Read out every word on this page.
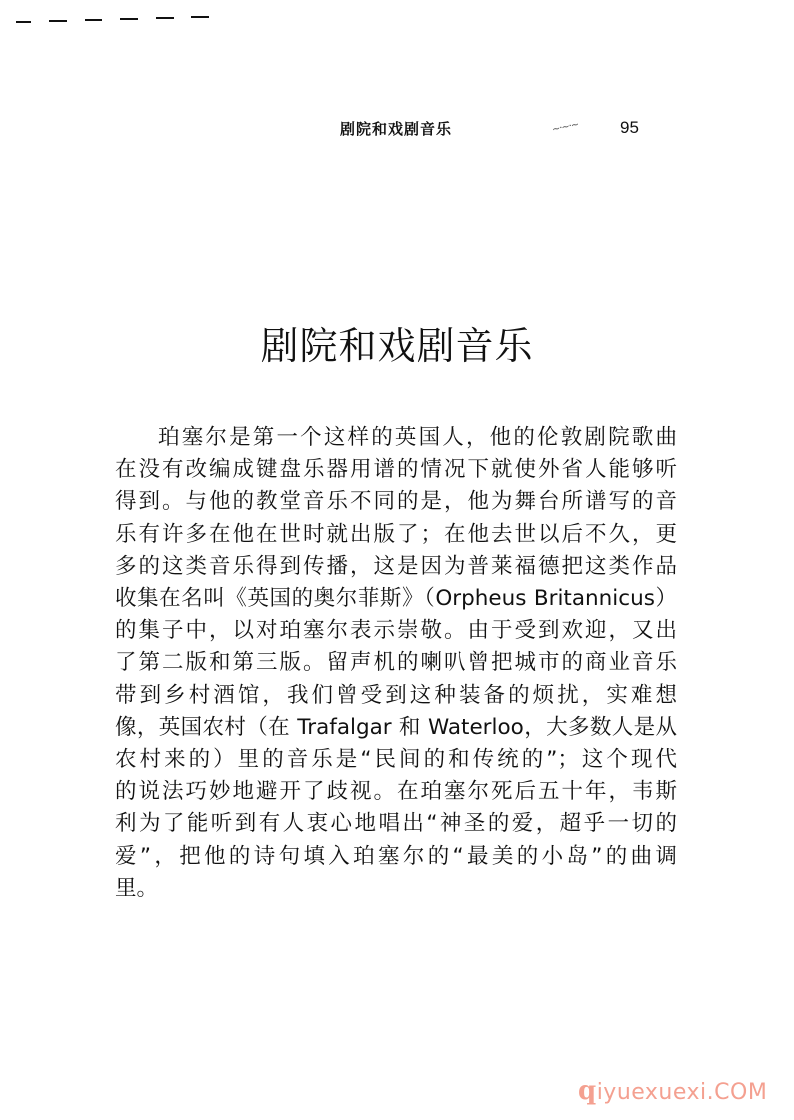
剧院和戏剧音乐	~·~·~ 95
剧院和戏剧音乐
珀塞尔是第一个这样的英国人，他的伦敦剧院歌曲
在没有改编成键盘乐器用谱的情况下就使外省人能够听
得到。与他的教堂音乐不同的是，他为舞台所谱写的音
乐有许多在他在世时就出版了；在他去世以后不久，更
多的这类音乐得到传播，这是因为普莱福德把这类作品
收集在名叫《英国的奥尔菲斯》（Orpheus Britannicus）
的集子中，以对珀塞尔表示崇敬。由于受到欢迎，又出
了第二版和第三版。留声机的喇叭曾把城市的商业音乐
带到乡村酒馆，我们曾受到这种装备的烦扰，实难想
像，英国农村（在 Trafalgar 和 Waterloo，大多数人是从
农村来的）里的音乐是“民间的和传统的”；这个现代
的说法巧妙地避开了歧视。在珀塞尔死后五十年，韦斯
利为了能听到有人衷心地唱出“神圣的爱，超乎一切的
爱”，把他的诗句填入珀塞尔的“最美的小岛”的曲调
里。
qiyuexuexi.COM
